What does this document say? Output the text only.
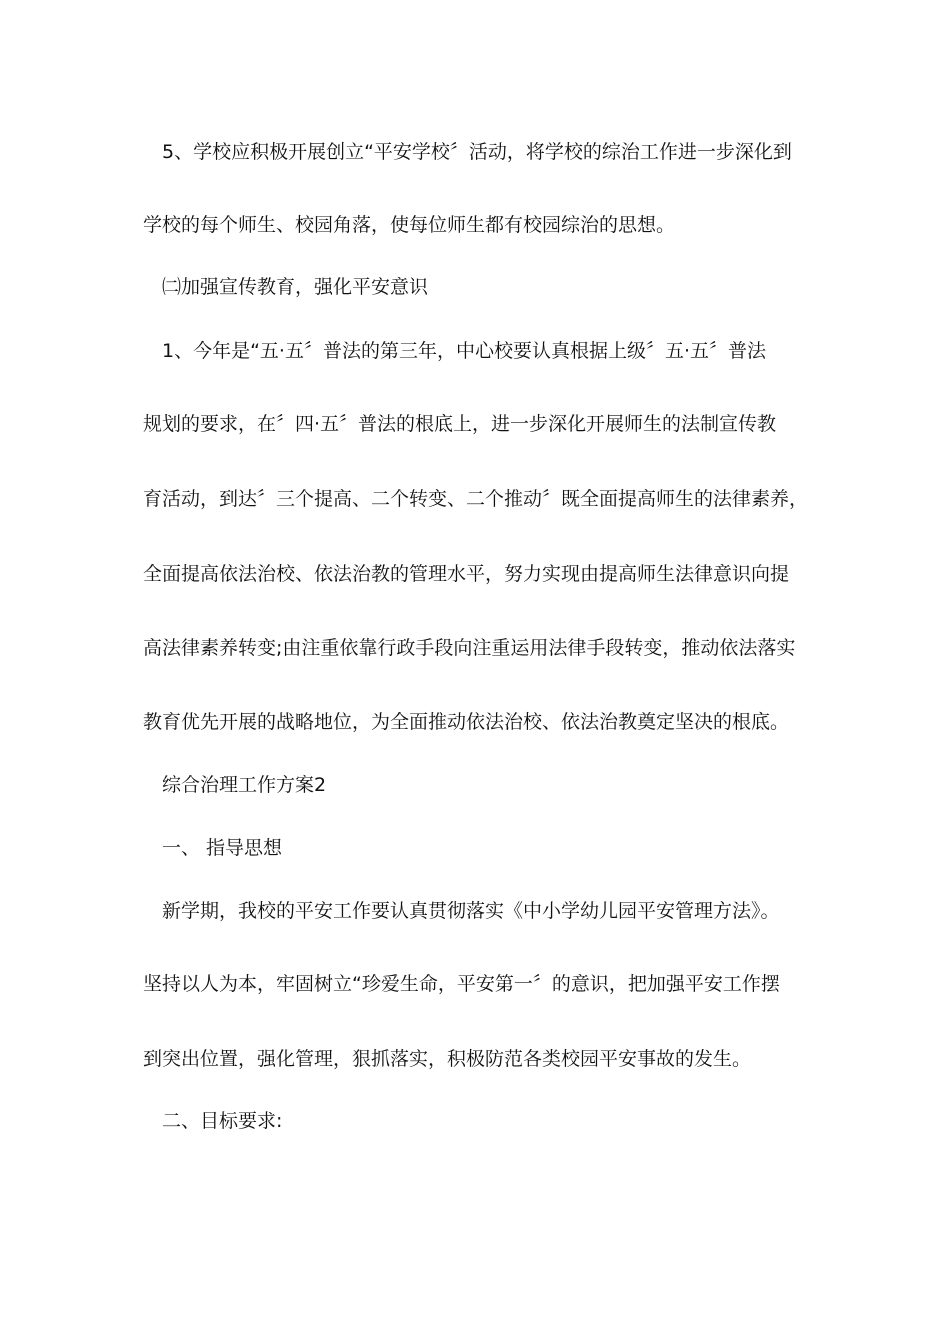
5、学校应积极开展创立“平安学校〞活动，将学校的综治工作进一步深化到
学校的每个师生、校园角落，使每位师生都有校园综治的思想。
㈡加强宣传教育，强化平安意识
1、今年是“五·五〞普法的第三年，中心校要认真根据上级〞五·五〞普法
规划的要求，在〞四·五〞普法的根底上，进一步深化开展师生的法制宣传教
育活动，到达〞三个提高、二个转变、二个推动〞既全面提高师生的法律素养，
全面提高依法治校、依法治教的管理水平，努力实现由提高师生法律意识向提
高法律素养转变;由注重依靠行政手段向注重运用法律手段转变，推动依法落实
教育优先开展的战略地位，为全面推动依法治校、依法治教奠定坚决的根底。
综合治理工作方案2
一、 指导思想
新学期，我校的平安工作要认真贯彻落实《中小学幼儿园平安管理方法》。
坚持以人为本，牢固树立“珍爱生命，平安第一〞的意识，把加强平安工作摆
到突出位置，强化管理，狠抓落实，积极防范各类校园平安事故的发生。
二、目标要求:
